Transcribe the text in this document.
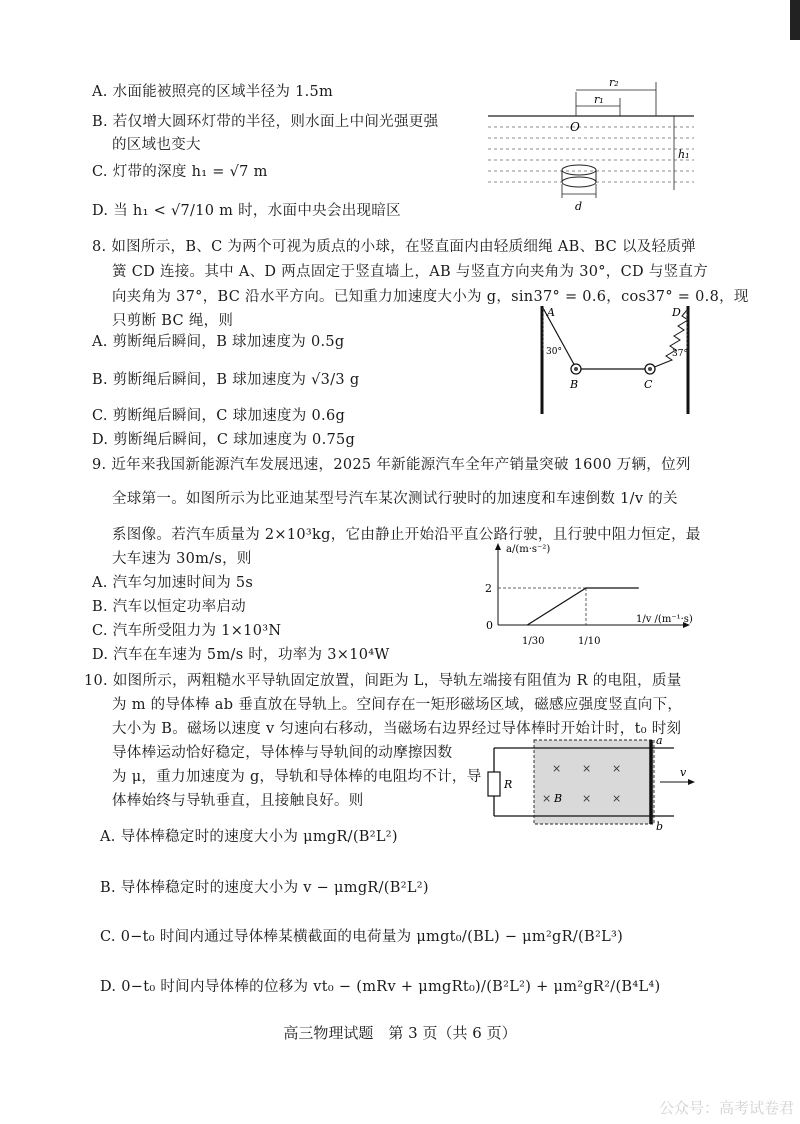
A. 水面能被照亮的区域半径为 1.5m
B. 若仅增大圆环灯带的半径，则水面上中间光强更强
的区域也变大
C. 灯带的深度 h₁ = √7 m
D. 当 h₁ < √7/10 m 时，水面中央会出现暗区
r₂
r₁
O
h₁
d
8. 如图所示，B、C 为两个可视为质点的小球，在竖直面内由轻质细绳 AB、BC 以及轻质弹
簧 CD 连接。其中 A、D 两点固定于竖直墙上，AB 与竖直方向夹角为 30°，CD 与竖直方
向夹角为 37°，BC 沿水平方向。已知重力加速度大小为 g，sin37° = 0.6，cos37° = 0.8，现
只剪断 BC 绳，则
A. 剪断绳后瞬间，B 球加速度为 0.5g
B. 剪断绳后瞬间，B 球加速度为 √3/3 g
C. 剪断绳后瞬间，C 球加速度为 0.6g
D. 剪断绳后瞬间，C 球加速度为 0.75g
A	D
30°	37°
B	C
9. 近年来我国新能源汽车发展迅速，2025 年新能源汽车全年产销量突破 1600 万辆，位列
全球第一。如图所示为比亚迪某型号汽车某次测试行驶时的加速度和车速倒数 1/v 的关
系图像。若汽车质量为 2×10³kg，它由静止开始沿平直公路行驶，且行驶中阻力恒定，最
大车速为 30m/s，则
A. 汽车匀加速时间为 5s
B. 汽车以恒定功率启动
C. 汽车所受阻力为 1×10³N
D. 汽车在车速为 5m/s 时，功率为 3×10⁴W
a/(m·s⁻²)
1/v /(m⁻¹·s)
0
2
1/30	1/10
10. 如图所示，两粗糙水平导轨固定放置，间距为 L，导轨左端接有阻值为 R 的电阻，质量
为 m 的导体棒 ab 垂直放在导轨上。空间存在一矩形磁场区域，磁感应强度竖直向下，
大小为 B。磁场以速度 v 匀速向右移动，当磁场右边界经过导体棒时开始计时，t₀ 时刻
导体棒运动恰好稳定，导体棒与导轨间的动摩擦因数
为 μ，重力加速度为 g，导轨和导体棒的电阻均不计，导
体棒始终与导轨垂直，且接触良好。则
A. 导体棒稳定时的速度大小为 μmgR/(B²L²)
B. 导体棒稳定时的速度大小为 v − μmgR/(B²L²)
C. 0−t₀ 时间内通过导体棒某横截面的电荷量为 μmgt₀/(BL) − μm²gR/(B²L³)
D. 0−t₀ 时间内导体棒的位移为 vt₀ − (mRv + μmgRt₀)/(B²L²) + μm²gR²/(B⁴L⁴)
R
× × ×
×	× ×
B
a
b
v
高三物理试题　第 3 页（共 6 页）
公众号：高考试卷君
